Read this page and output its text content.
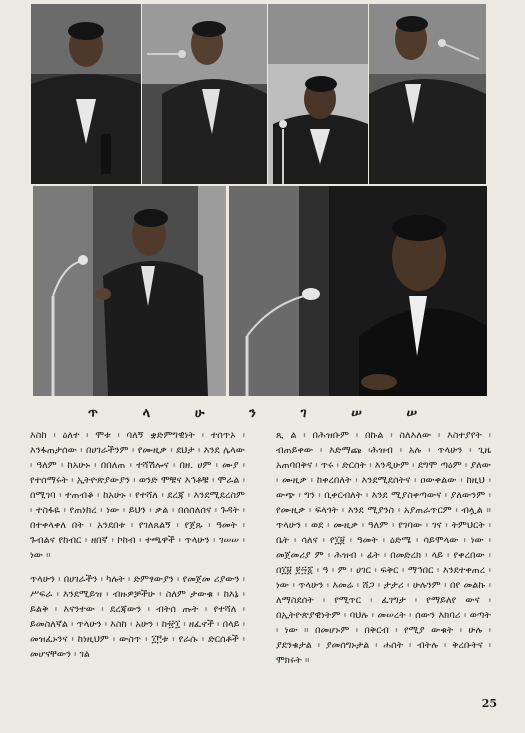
ጥ	ላ	ሁ	ን	ገ	ሠ	ሠ

እስከ ፡ ዕለተ ፡ ሞቱ ፡ ባለኝ ቋድምግዊነት ፡ ተሰጥኦ ፡ እንፋጠታሰው ፡ በሀገራችንም ፡ የሙዚቃ ፡ ደህታ ፡ እንደ ሌላው ፡ ዓለም ፡ ከአሁኑ ፡ በበለጠ ፡ ተሻሽሎና ፡ በዘ. ሀም ፡ ሙያ ፡ የተሰማሩት ፡ ኢትዮጵያውያን ፡ ወንድ ሞቹና እኅቶቹ ፡ ሞራል ፡ በሚገባ ፡ ተጠብቆ ፡ ከአሁኑ ፡ የተሻለ ፡ ደረጃ ፡ እንደሚደረስም ፡ ተስፋዬ ፡ የጠነከረ ፡ ነው ፡ ይህን ፡ ቃል ፡ በሰሰለሰና ፡ ጉዳት ፡ በተቀላቀለ በት ፡ አንደበቱ ፡ የገለጸልኝ ፡ የጀጹ ፡ ዓመት ፡ ጉብልና የከብር ፡ ዘበኛ ፡ ኮከብ ፡ ተጫዋች ፡ ጥላሁን ፡ ገሠሠ ፡ ነው ።

ጥላሁን ፡ በሀገራችን ፡ ካሉት ፡ ድምፃውያን ፡ የመጀመ ሪያውን ፡ ሥፍራ ፡ እንደሚይዝ ፡ ብዙዎቻችሁ ፡ ስለም ታውቁ ፡ ከእኔ ፡ ይልቅ ፡ እናንተው ፡ ደረጃውን ፡ ብትሰ ጡት ፡ የተሻለ ፡ ይመስለኛል ፡ ጥላሁን ፡ እስከ ፡ አሁን ፡ ከ፹፲ ፡ ዘፈኖች ፡ በላይ ፡ መዝፈኑንና ፡ ከነዚህም ፡ ውስጥ ፡ ፲፫ቱ ፡ የራሱ ፡ ድርሰቶች ፡ መሆናቸውን ፡ ገል

ጺ ል ፡ በሕዝቡም ፡ በኩል ፡ ስለእለው ፡ እስተያየት ፡ ብጠይቀው ፡ እድማጩ ፡ሕዝብ ፡ አሉ ፡ ጥላሁን ፡ ጊዜ አጠባበቅና ፡ ጥሩ ፡ ድርሰት ፡ እንዲሁም ፡ ደግሞ ጣዕም ፡ ያለው ፡ ሙዚቃ ፡ ከቀረበለት ፡ እንደሚደሰትና ፡ ዐውቀልው ፡ ከዚህ ፡ ውጭ ፡ ግን ፡ ቢቀርብለት ፡ እንደ ሚያስቀጣውና ፡ ያለውንም ፡ የሙዚቃ ፡ ፍላጎት ፡ እንደ ሚያንስ ፡ አያጠራጥርም ፡ ብሏል ። ጥላሁን ፡ ወደ ፡ ሙዚቃ ፡ ዓለም ፡ የገባው ፡ ገና ፡ ትምህርት ፡ ቤት ፡ ሳለና ፡ የ፲፱ ፡ ዓመት ፡ ዕድሜ ፡ ሳይሞላው ፡ ነው ፡ መጀመሪያ ም ፡ ሕዝብ ፡ ፊት ፡ በመድረክ ፡ ላይ ፡ የቀረበው ፡ በ፲፱ ፻፵፩ ፡ ዓ ፡ ም ፡ ሀገር ፡ ፍቅር ፡ ማኅበር ፡ እንደተቀጠረ ፡ ነው ፡ ጥላሁን ፡ እመሬ ፡ ሸጋ ፡ ታታሪ ፡ ሁሉንም ፡ በየ መልኩ ፡ ለማስደሰት ፡ የሚጥር ፡ ፈገግታ ፡ የማይለየ ውና ፡ በኢትዮጵያዊነትም ፡ ባህሉ ፡ መሠረት ፡ ሰውን እክባሪ ፡ ወጣት ፡ ነው ። በመሆኑም ፡ በቅርብ ፡ የሚያ ውቁት ፡ ሁሉ ፡ ያደንቁታል ፡ ያመሰግኑታል ፡ ሐሰት ፡ ብትሉ ፡ ቅረቡትና ፡ ሞክሩት ።

25
